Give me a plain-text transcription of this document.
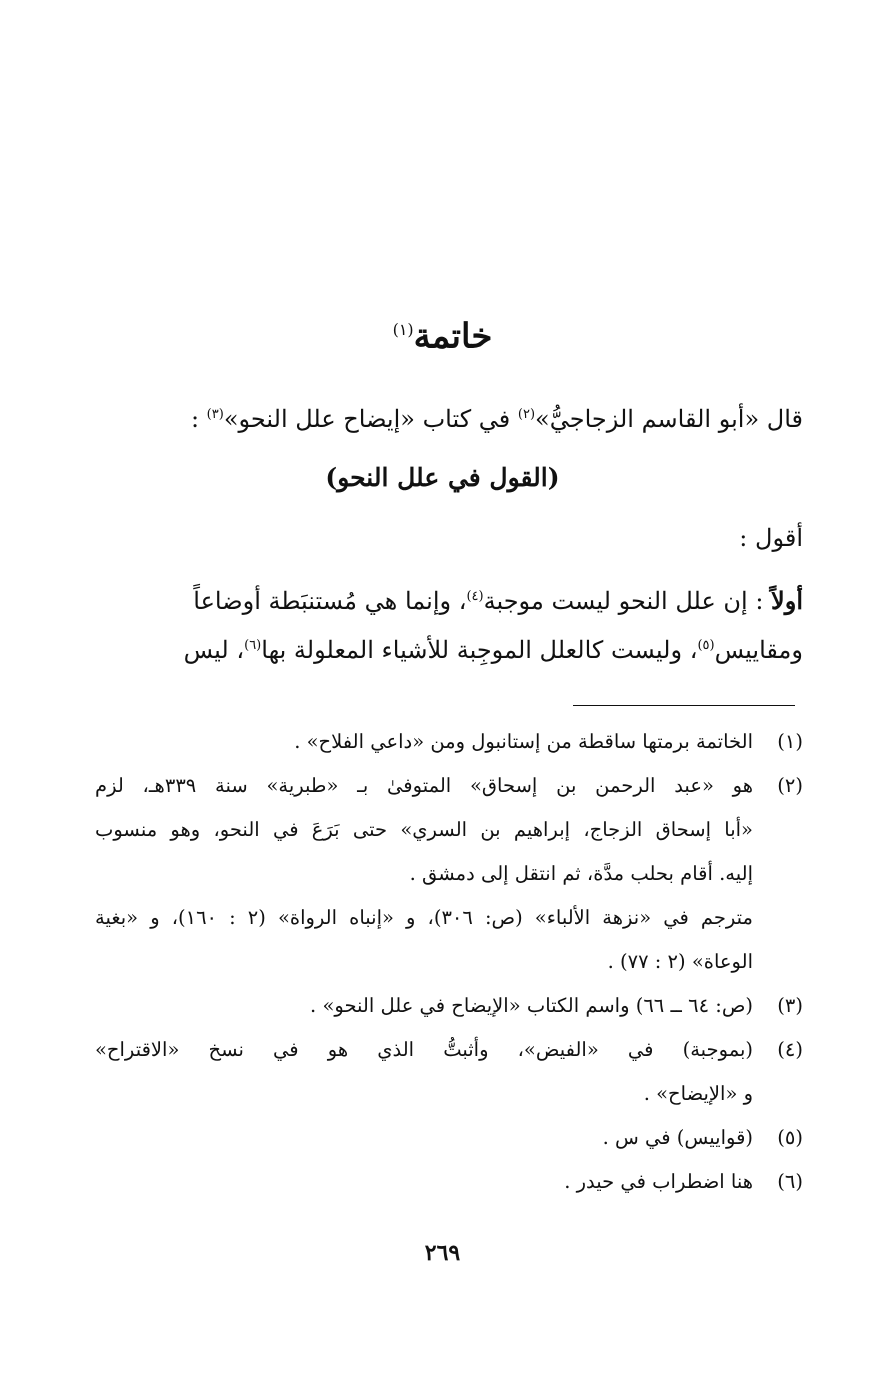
خاتمة$^{(١)}$
قال «أبو القاسم الزجاجيُّ»$^{(٢)}$ في كتاب «إيضاح علل النحو»$^{(٣)}$ :
(القول في علل النحو)
أقول :
أولاً : إن علل النحو ليست موجبة$^{(٤)}$، وإنما هي مُستنبَطة أوضاعاً
ومقاييس$^{(٥)}$، وليست كالعلل الموجِبة للأشياء المعلولة بها$^{(٦)}$، ليس
(١)
الخاتمة برمتها ساقطة من إستانبول ومن «داعي الفلاح» .
(٢)
هو «عبد الرحمن بن إسحاق» المتوفىٰ بـ «طبرية» سنة ٣٣٩هـ، لزم
«أبا إسحاق الزجاج، إبراهيم بن السري» حتى بَرَعَ في النحو، وهو منسوب
إليه. أقام بحلب مدَّة، ثم انتقل إلى دمشق .
مترجم في «نزهة الألباء» (ص: ٣٠٦)، و «إنباه الرواة» (٢ : ١٦٠)، و «بغية
الوعاة» (٢ : ٧٧) .
(٣)
(ص: ٦٤ ــ ٦٦) واسم الكتاب «الإيضاح في علل النحو» .
(٤)
(بموجبة) في «الفيض»، وأثبتُّ الذي هو في نسخ «الاقتراح»
و «الإيضاح» .
(٥)
(قواييس) في س .
(٦)
هنا اضطراب في حيدر .
٢٦٩
